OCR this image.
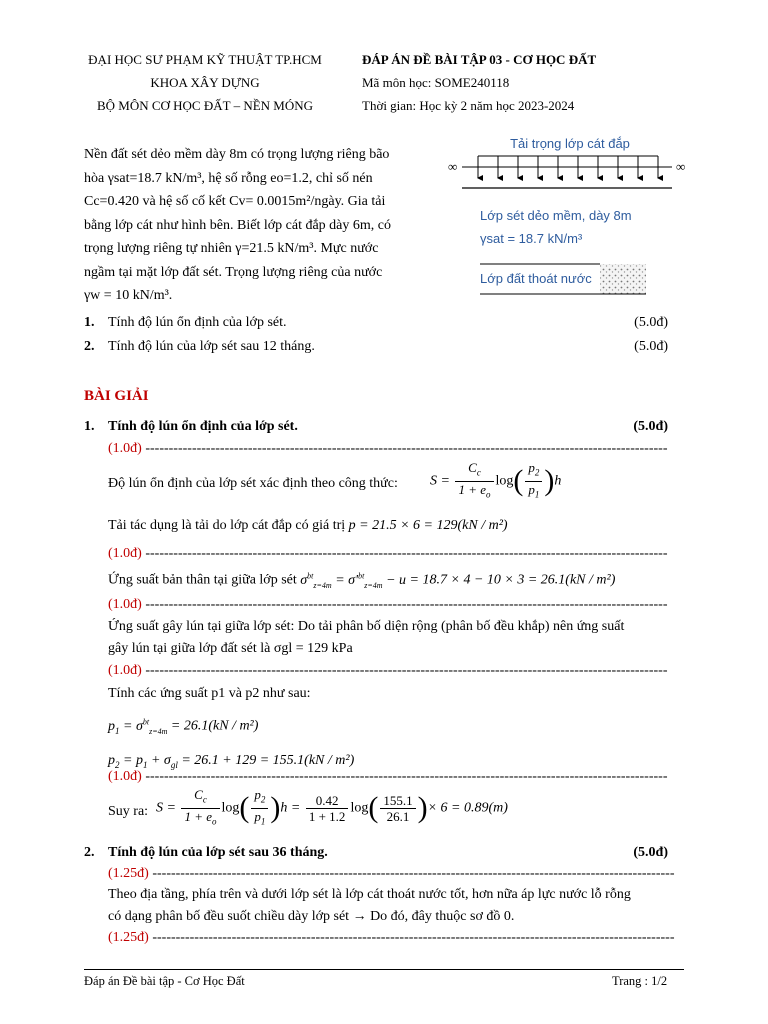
ĐẠI HỌC SƯ PHẠM KỸ THUẬT TP.HCM
KHOA XÂY DỰNG
BỘ MÔN CƠ HỌC ĐẤT – NỀN MÓNG
ĐÁP ÁN ĐỀ BÀI TẬP 03 - CƠ HỌC ĐẤT
Mã môn học: SOME240118
Thời gian: Học kỳ 2 năm học 2023-2024
Nền đất sét dẻo mềm dày 8m có trọng lượng riêng bão
hòa γsat=18.7 kN/m³, hệ số rỗng eo=1.2, chỉ số nén
Cc=0.420 và hệ số cố kết Cv= 0.0015m²/ngày. Gia tải
bằng lớp cát như hình bên. Biết lớp cát đắp dày 6m, có
trọng lượng riêng tự nhiên γ=21.5 kN/m³. Mực nước
ngầm tại mặt lớp đất sét. Trọng lượng riêng của nước
γw = 10 kN/m³.
Tải trọng lớp cát đắp
∞	∞
Lớp sét dẻo mềm, dày 8m
γsat = 18.7 kN/m³
Lớp đất thoát nước
1. Tính độ lún ổn định của lớp sét.	(5.0đ)
2. Tính độ lún của lớp sét sau 12 tháng.	(5.0đ)
BÀI GIẢI
1. Tính độ lún ổn định của lớp sét.	(5.0đ)
(1.0đ) ----------------------------------------------------------------------------------------------------------------
Độ lún ổn định của lớp sét xác định theo công thức: $S = \frac{C_c}{1 + e_o} \log( \frac{p_2}{p_1} )h$
Tải tác dụng là tải do lớp cát đắp có giá trị p = 21.5 × 6 = 129(kN / m²)
(1.0đ) ----------------------------------------------------------------------------------------------------------------
Ứng suất bản thân tại giữa lớp sét $\sigma^{bt}_{z=4m} = \sigma'^{bt}_{z=4m} - u = 18.7 \times 4 - 10 \times 3 = 26.1(kN / m^2)$
(1.0đ) ----------------------------------------------------------------------------------------------------------------
Ứng suất gây lún tại giữa lớp sét: Do tải phân bố diện rộng (phân bố đều khắp) nên ứng suất
gây lún tại giữa lớp đất sét là σgl = 129 kPa
(1.0đ) ----------------------------------------------------------------------------------------------------------------
Tính các ứng suất p1 và p2 như sau:
$p_1 = \sigma^{bt}_{z=4m} = 26.1(kN / m^2)$
$p_2 = p_1 + \sigma_{gl} = 26.1 + 129 = 155.1(kN / m^2)$
(1.0đ) ----------------------------------------------------------------------------------------------------------------
Suy ra: $S = \frac{C_c}{1 + e_o} \log( \frac{p_2}{p_1} )h = \frac{0.42}{1 + 1.2} \log( \frac{155.1}{26.1}$ )× 6 = 0.89(m)
2. Tính độ lún của lớp sét sau 36 tháng.	(5.0đ)
(1.25đ) ----------------------------------------------------------------------------------------------------------------
Theo địa tầng, phía trên và dưới lớp sét là lớp cát thoát nước tốt, hơn nữa áp lực nước lỗ rỗng
có dạng phân bố đều suốt chiều dày lớp sét → Do đó, đây thuộc sơ đồ 0.
(1.25đ) ----------------------------------------------------------------------------------------------------------------
Đáp án Đề bài tập - Cơ Học Đất	Trang : 1/2
